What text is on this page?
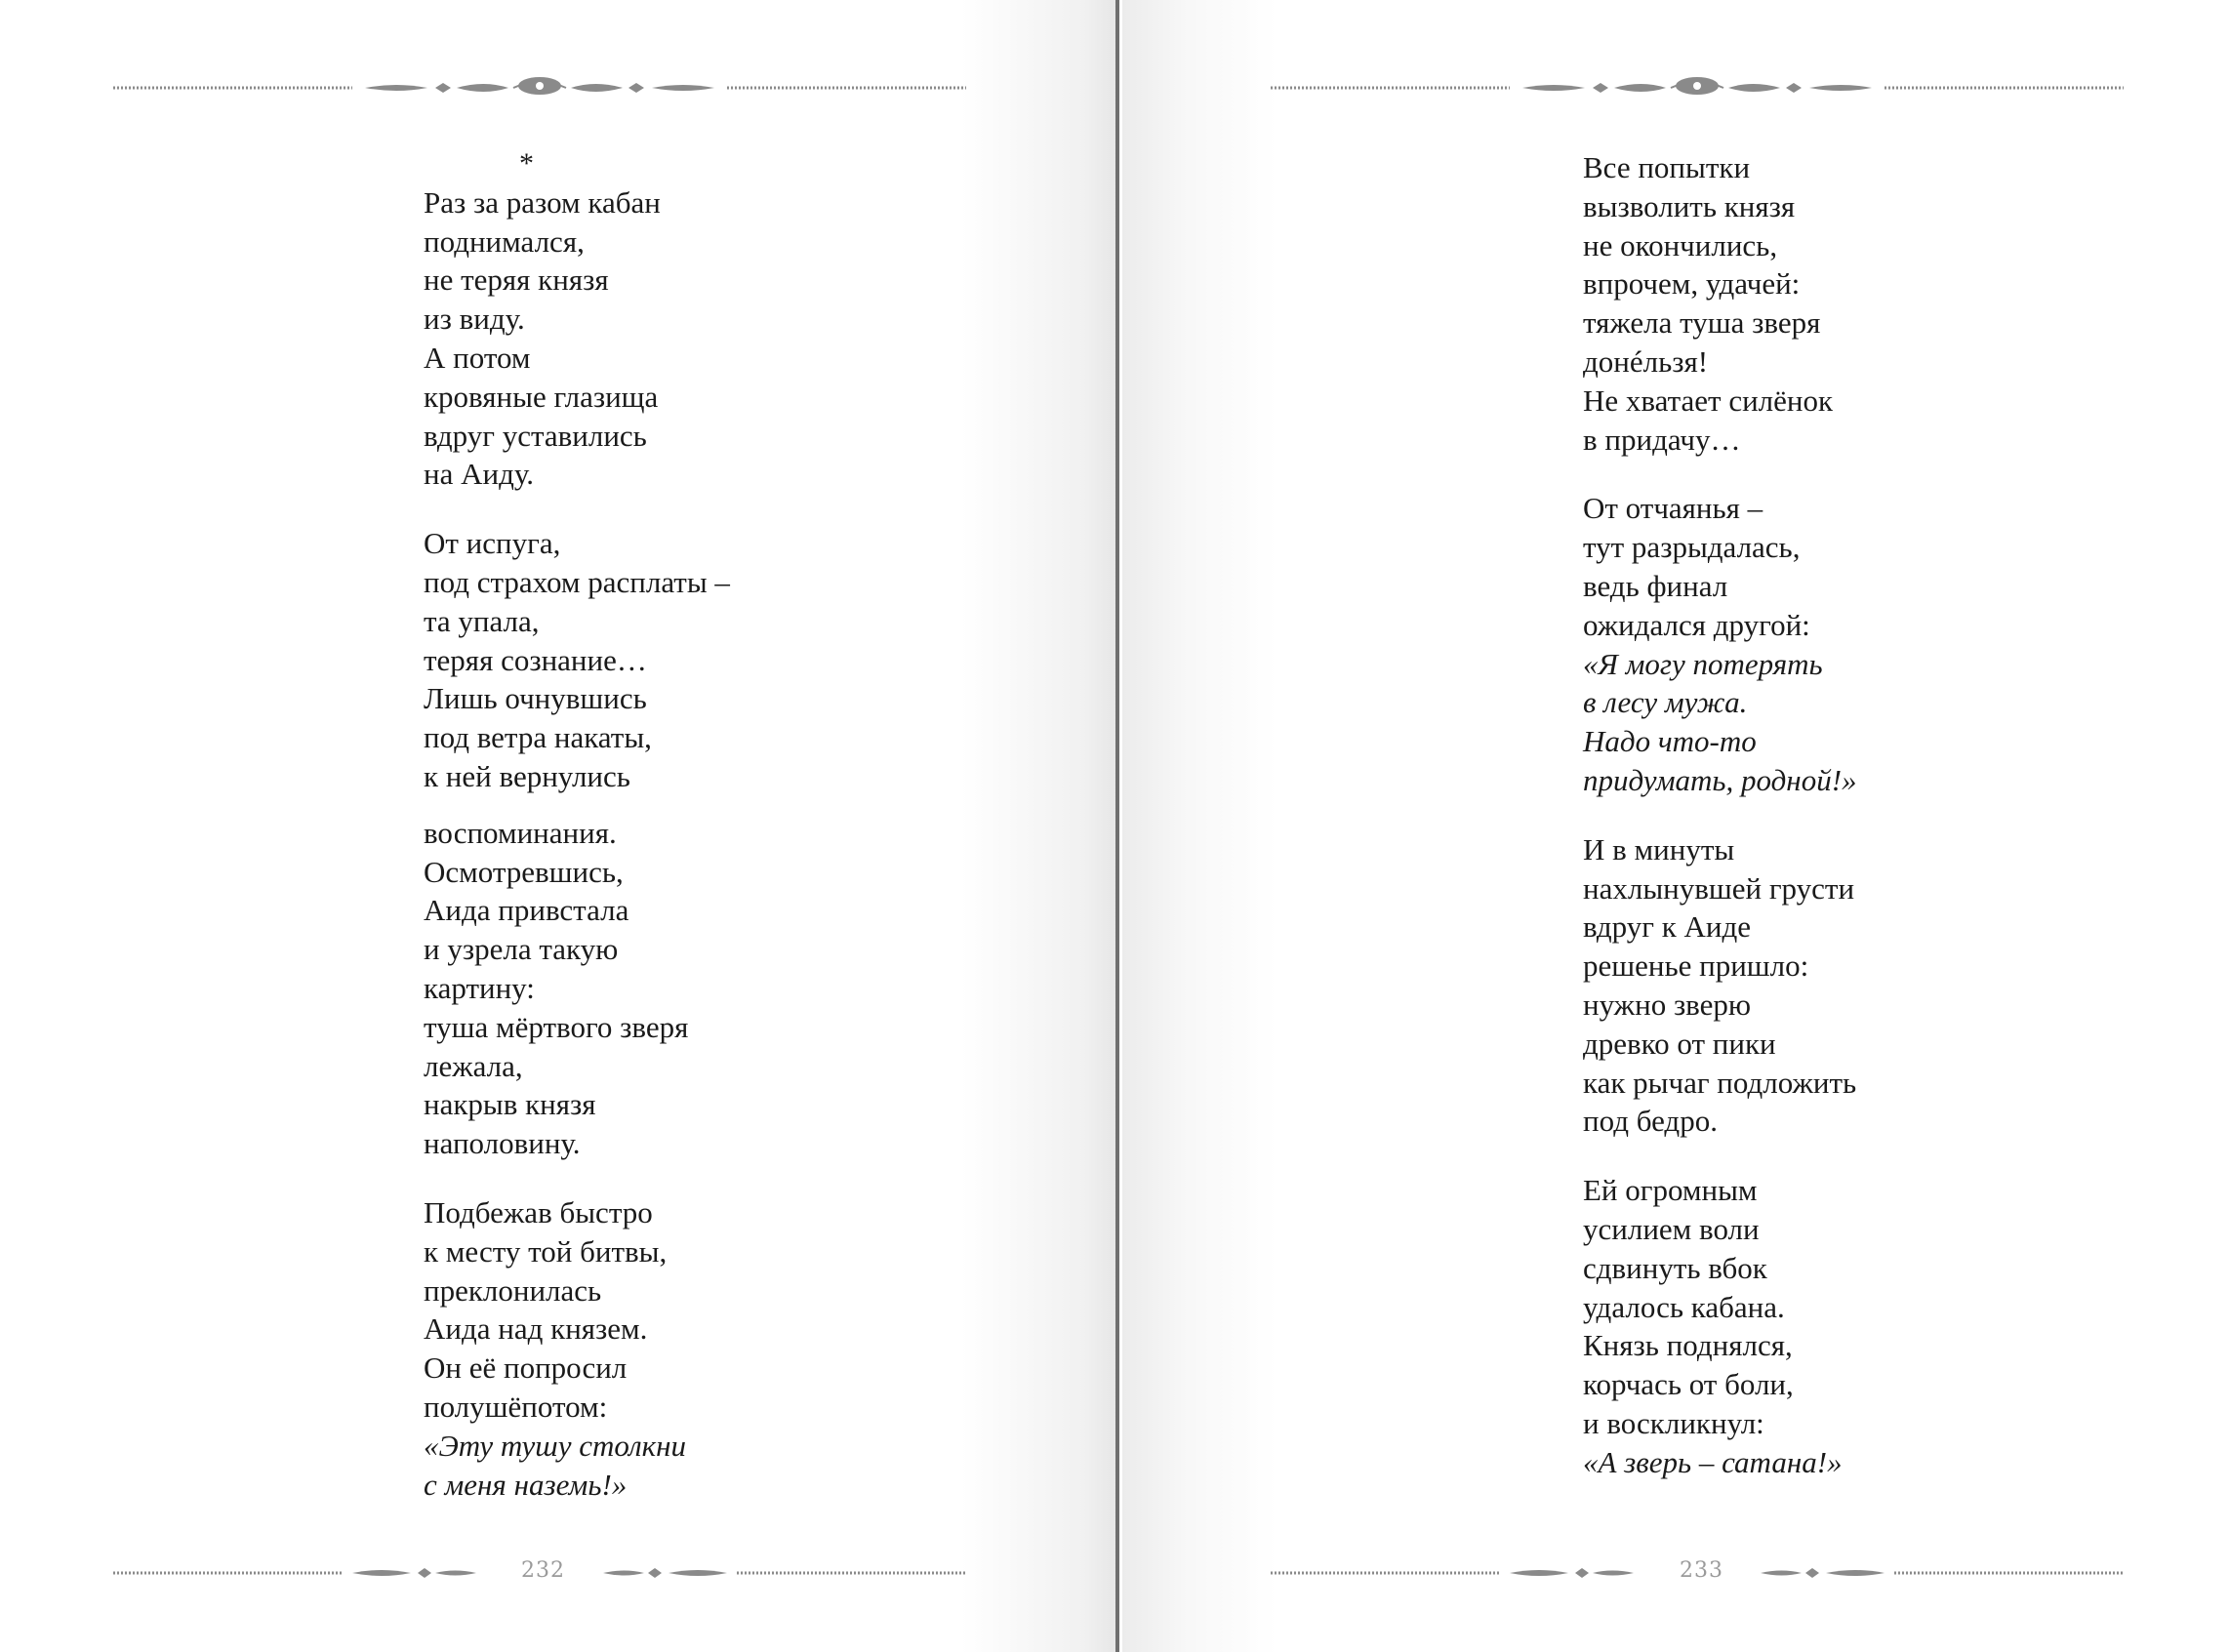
*
Раз за разом кабан
поднимался,
не теряя князя
из виду.
А потом
кровяные глазища
вдруг уставились
на Аиду.
От испуга,
под страхом расплаты –
та упала,
теряя сознание…
Лишь очнувшись
под ветра накаты,
к ней вернулись
воспоминания.
Осмотревшись,
Аида привстала
и узрела такую
картину:
туша мёртвого зверя
лежала,
накрыв князя
наполовину.
Подбежав быстро
к месту той битвы,
преклонилась
Аида над князем.
Он её попросил
полушёпотом:
«Эту тушу столкни
с меня наземь!»
232
Все попытки
вызволить князя
не окончились,
впрочем, удачей:
тяжела туша зверя
донéльзя!
Не хватает силёнок
в придачу…
От отчаянья –
тут разрыдалась,
ведь финал
ожидался другой:
«Я могу потерять
в лесу мужа.
Надо что-то
придумать, родной!»
И в минуты
нахлынувшей грусти
вдруг к Аиде
решенье пришло:
нужно зверю
древко от пики
как рычаг подложить
под бедро.
Ей огромным
усилием воли
сдвинуть вбок
удалось кабана.
Князь поднялся,
корчась от боли,
и воскликнул:
«А зверь – сатана!»
233
